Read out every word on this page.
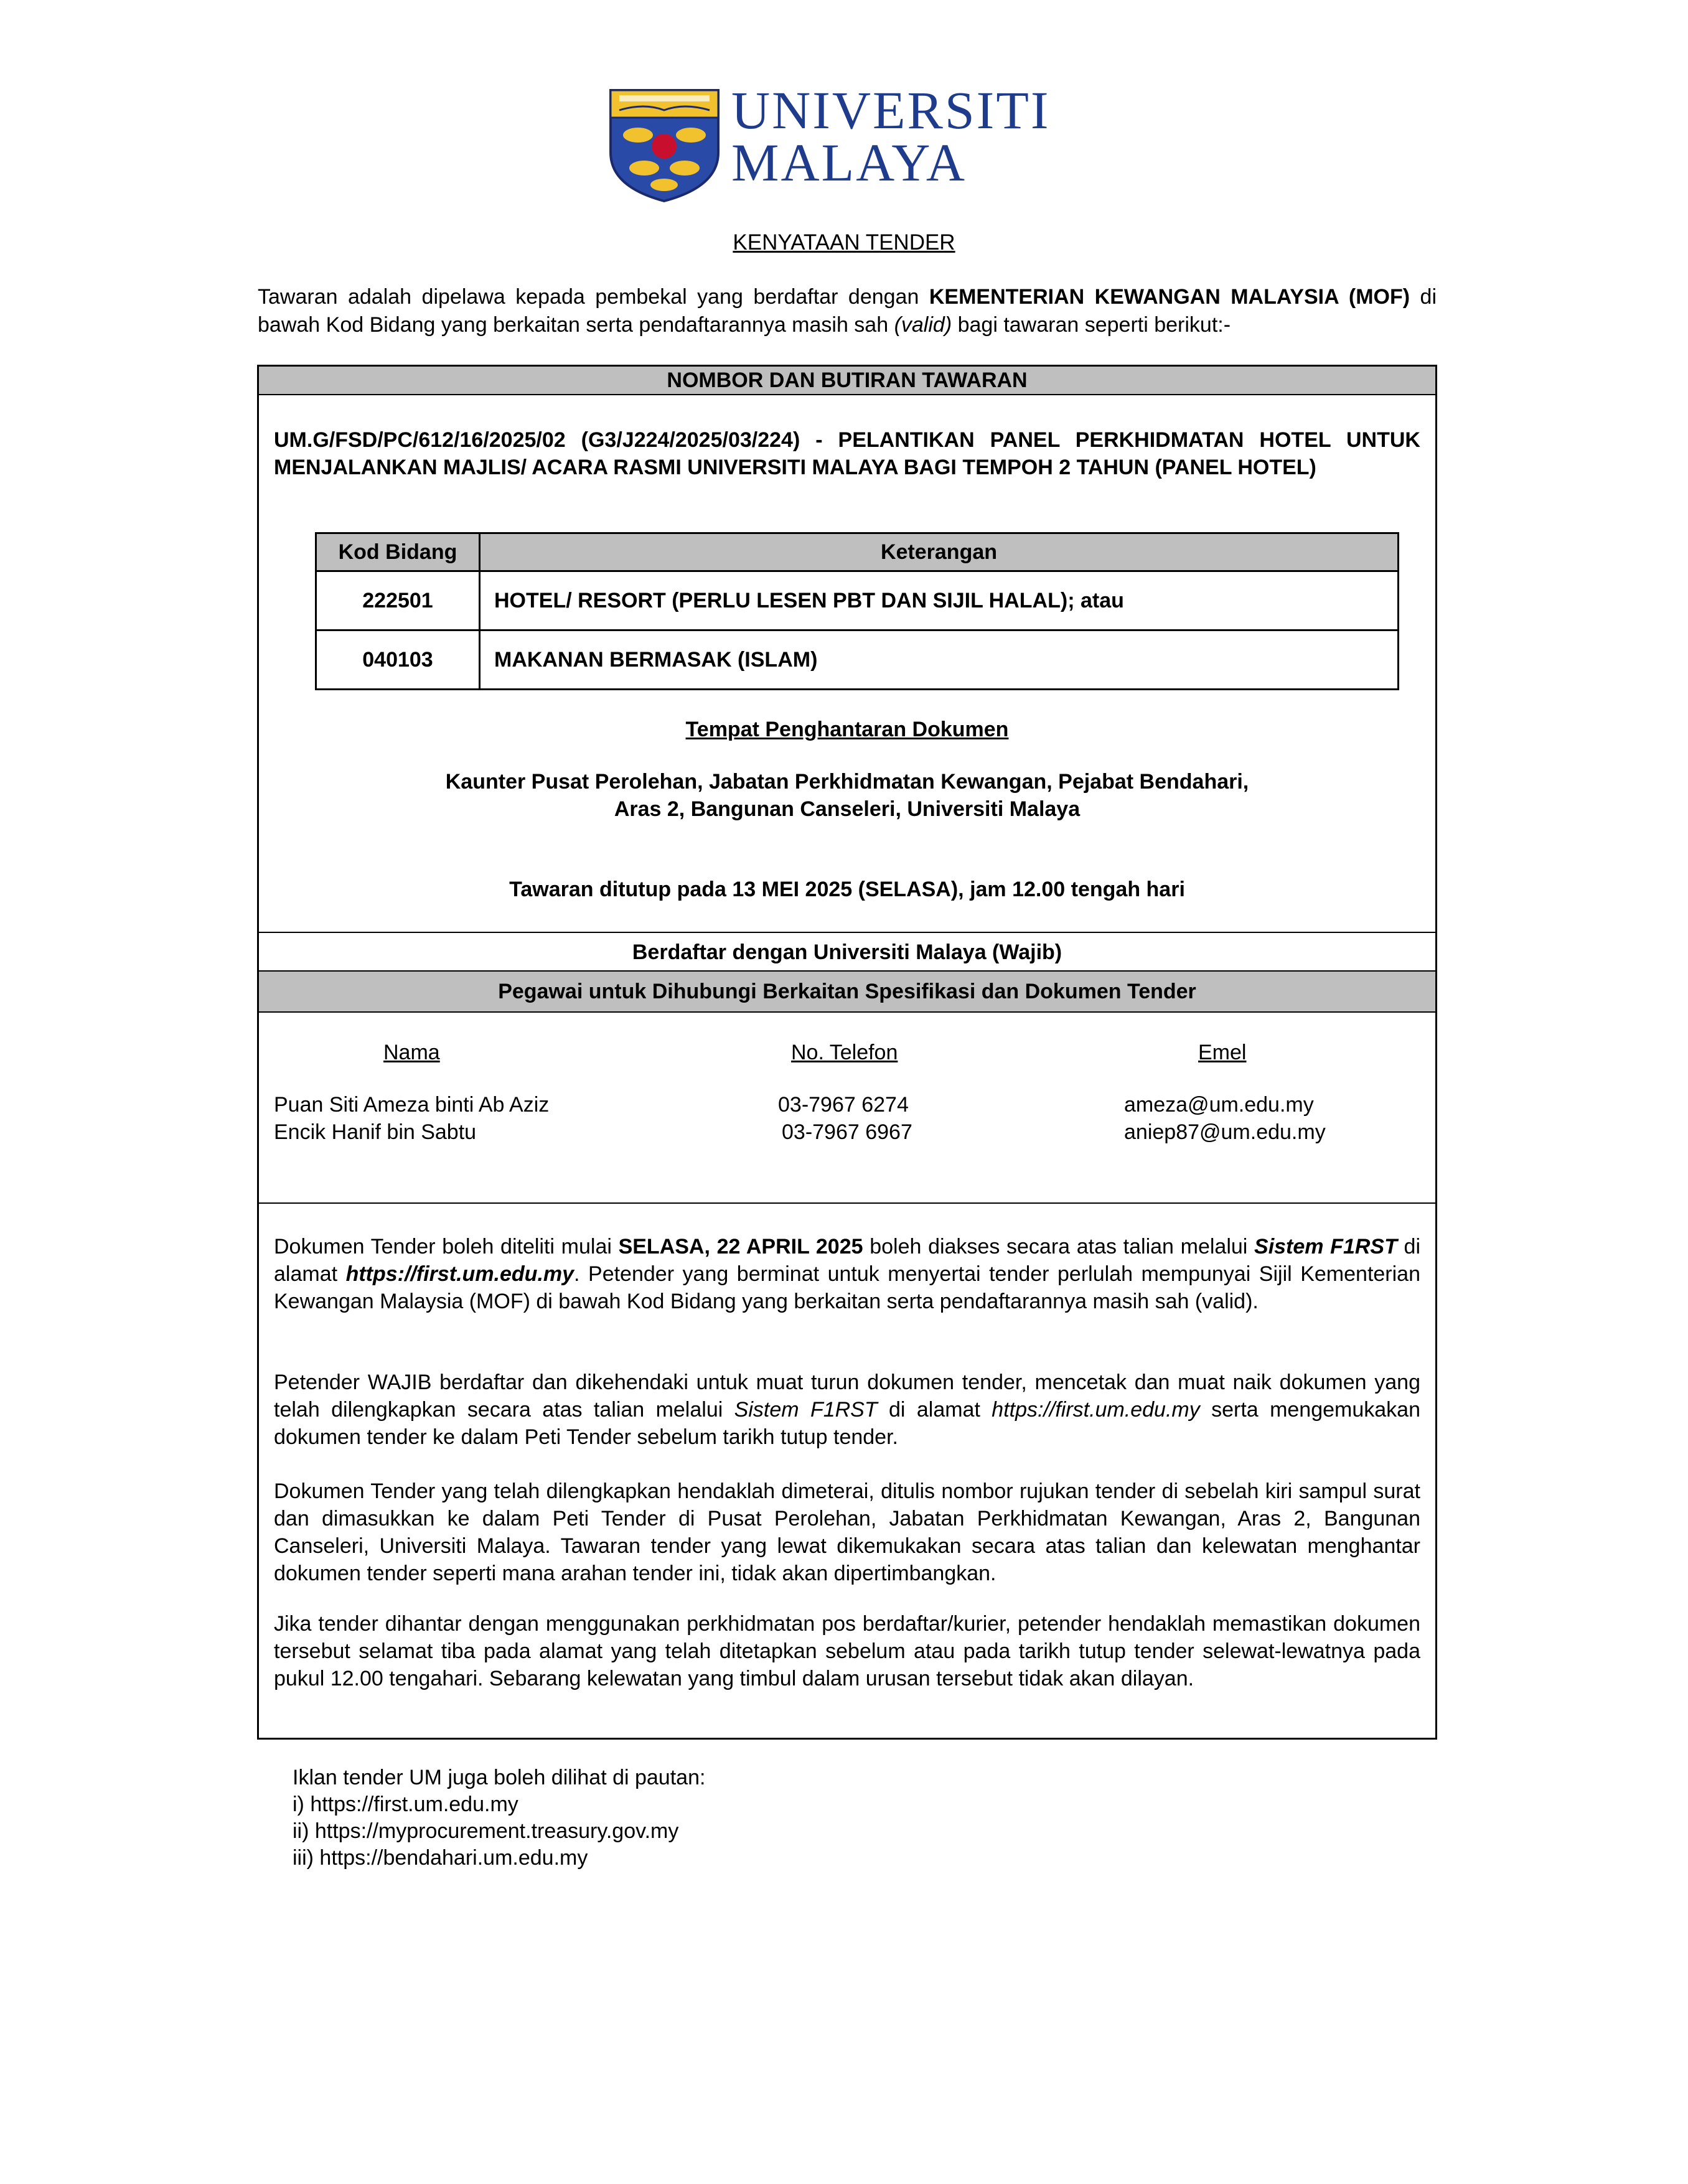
UNIVERSITI
MALAYA
KENYATAAN TENDER
Tawaran adalah dipelawa kepada pembekal yang berdaftar dengan KEMENTERIAN KEWANGAN MALAYSIA (MOF) di bawah Kod Bidang yang berkaitan serta pendaftarannya masih sah (valid) bagi tawaran seperti berikut:-
NOMBOR DAN BUTIRAN TAWARAN
UM.G/FSD/PC/612/16/2025/02 (G3/J224/2025/03/224) - PELANTIKAN PANEL PERKHIDMATAN HOTEL UNTUK MENJALANKAN MAJLIS/ ACARA RASMI UNIVERSITI MALAYA BAGI TEMPOH 2 TAHUN (PANEL HOTEL)
Kod Bidang	Keterangan
222501	HOTEL/ RESORT (PERLU LESEN PBT DAN SIJIL HALAL); atau
040103	MAKANAN BERMASAK (ISLAM)
Tempat Penghantaran Dokumen
Kaunter Pusat Perolehan, Jabatan Perkhidmatan Kewangan, Pejabat Bendahari,
Aras 2, Bangunan Canseleri, Universiti Malaya
Tawaran ditutup pada 13 MEI 2025 (SELASA), jam 12.00 tengah hari
Berdaftar dengan Universiti Malaya (Wajib)
Pegawai untuk Dihubungi Berkaitan Spesifikasi dan Dokumen Tender
Nama	No. Telefon	Emel
Puan Siti Ameza binti Ab Aziz	03-7967 6274	ameza@um.edu.my
Encik Hanif bin Sabtu	03-7967 6967	aniep87@um.edu.my
Dokumen Tender boleh diteliti mulai SELASA, 22 APRIL 2025 boleh diakses secara atas talian melalui Sistem F1RST di alamat https://first.um.edu.my. Petender yang berminat untuk menyertai tender perlulah mempunyai Sijil Kementerian Kewangan Malaysia (MOF) di bawah Kod Bidang yang berkaitan serta pendaftarannya masih sah (valid).
Petender WAJIB berdaftar dan dikehendaki untuk muat turun dokumen tender, mencetak dan muat naik dokumen yang telah dilengkapkan secara atas talian melalui Sistem F1RST di alamat https://first.um.edu.my serta mengemukakan dokumen tender ke dalam Peti Tender sebelum tarikh tutup tender.
Dokumen Tender yang telah dilengkapkan hendaklah dimeterai, ditulis nombor rujukan tender di sebelah kiri sampul surat dan dimasukkan ke dalam Peti Tender di Pusat Perolehan, Jabatan Perkhidmatan Kewangan, Aras 2, Bangunan Canseleri, Universiti Malaya. Tawaran tender yang lewat dikemukakan secara atas talian dan kelewatan menghantar dokumen tender seperti mana arahan tender ini, tidak akan dipertimbangkan.
Jika tender dihantar dengan menggunakan perkhidmatan pos berdaftar/kurier, petender hendaklah memastikan dokumen tersebut selamat tiba pada alamat yang telah ditetapkan sebelum atau pada tarikh tutup tender selewat-lewatnya pada pukul 12.00 tengahari. Sebarang kelewatan yang timbul dalam urusan tersebut tidak akan dilayan.
Iklan tender UM juga boleh dilihat di pautan:
i) https://first.um.edu.my
ii) https://myprocurement.treasury.gov.my
iii) https://bendahari.um.edu.my
